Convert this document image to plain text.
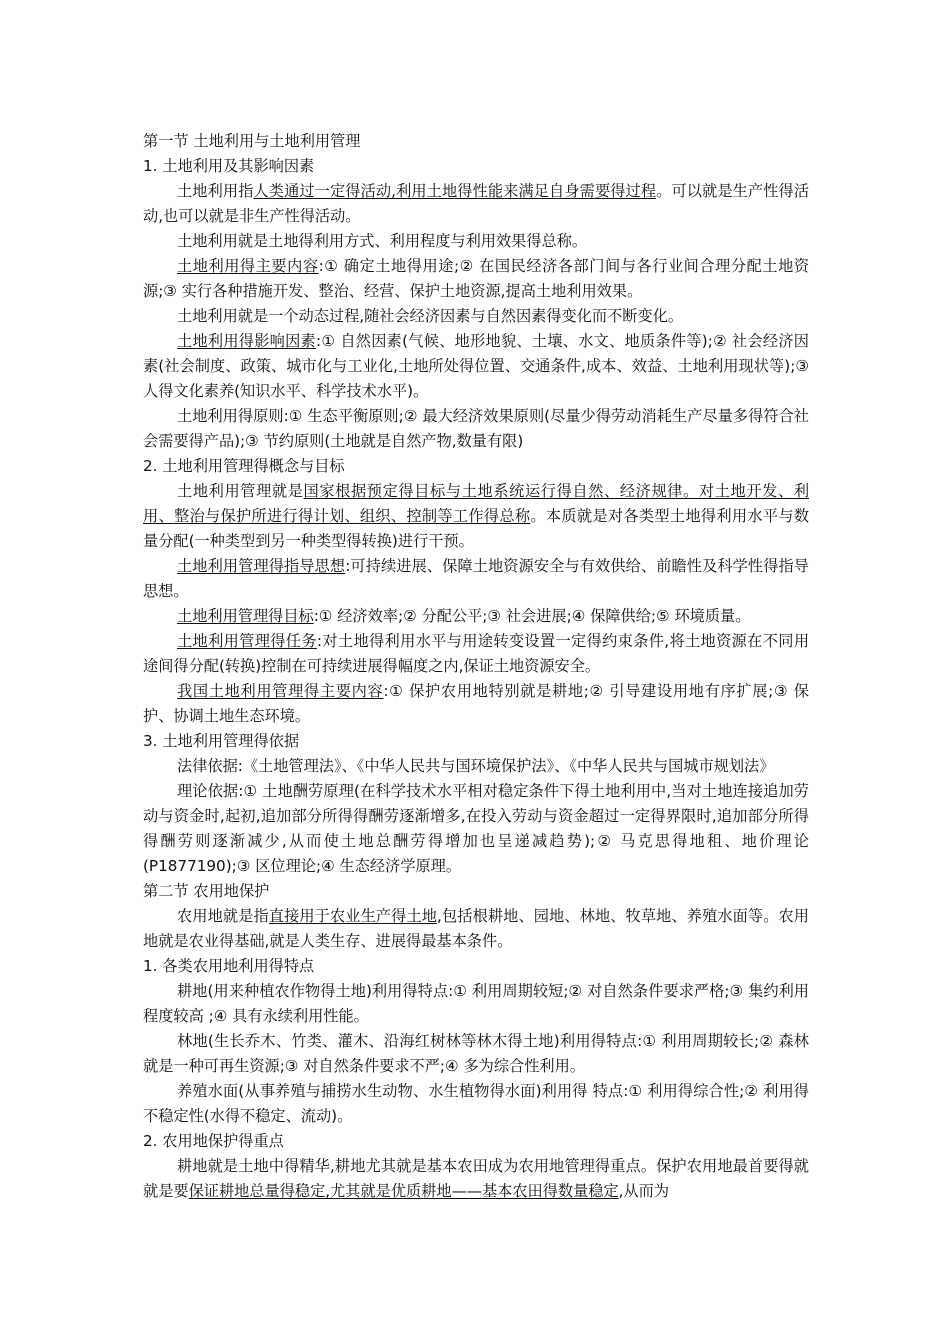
第一节 土地利用与土地利用管理

1. 土地利用及其影响因素

土地利用指人类通过一定得活动,利用土地得性能来满足自身需要得过程。可以就是生产性得活动,也可以就是非生产性得活动。

土地利用就是土地得利用方式、利用程度与利用效果得总称。

土地利用得主要内容:① 确定土地得用途;② 在国民经济各部门间与各行业间合理分配土地资源;③ 实行各种措施开发、整治、经营、保护土地资源,提高土地利用效果。

土地利用就是一个动态过程,随社会经济因素与自然因素得变化而不断变化。

土地利用得影响因素:① 自然因素(气候、地形地貌、土壤、水文、地质条件等);② 社会经济因素(社会制度、政策、城市化与工业化,土地所处得位置、交通条件,成本、效益、土地利用现状等);③ 人得文化素养(知识水平、科学技术水平)。

土地利用得原则:① 生态平衡原则;② 最大经济效果原则(尽量少得劳动消耗生产尽量多得符合社会需要得产品);③ 节约原则(土地就是自然产物,数量有限)

2. 土地利用管理得概念与目标

土地利用管理就是国家根据预定得目标与土地系统运行得自然、经济规律。对土地开发、利用、整治与保护所进行得计划、组织、控制等工作得总称。本质就是对各类型土地得利用水平与数量分配(一种类型到另一种类型得转换)进行干预。

土地利用管理得指导思想:可持续进展、保障土地资源安全与有效供给、前瞻性及科学性得指导思想。

土地利用管理得目标:① 经济效率;② 分配公平;③ 社会进展;④ 保障供给;⑤ 环境质量。

土地利用管理得任务:对土地得利用水平与用途转变设置一定得约束条件,将土地资源在不同用途间得分配(转换)控制在可持续进展得幅度之内,保证土地资源安全。

我国土地利用管理得主要内容:① 保护农用地特别就是耕地;② 引导建设用地有序扩展;③ 保护、协调土地生态环境。

3. 土地利用管理得依据

法律依据:《土地管理法》、《中华人民共与国环境保护法》、《中华人民共与国城市规划法》

理论依据:① 土地酬劳原理(在科学技术水平相对稳定条件下得土地利用中,当对土地连接追加劳动与资金时,起初,追加部分所得得酬劳逐渐增多,在投入劳动与资金超过一定得界限时,追加部分所得得酬劳则逐渐减少,从而使土地总酬劳得增加也呈递减趋势);② 马克思得地租、地价理论(P1877190);③ 区位理论;④ 生态经济学原理。

第二节 农用地保护

农用地就是指直接用于农业生产得土地,包括根耕地、园地、林地、牧草地、养殖水面等。农用地就是农业得基础,就是人类生存、进展得最基本条件。

1. 各类农用地利用得特点

耕地(用来种植农作物得土地)利用得特点:① 利用周期较短;② 对自然条件要求严格;③ 集约利用程度较高 ;④ 具有永续利用性能。

林地(生长乔木、竹类、灌木、沿海红树林等林木得土地)利用得特点:① 利用周期较长;② 森林就是一种可再生资源;③ 对自然条件要求不严;④ 多为综合性利用。

养殖水面(从事养殖与捕捞水生动物、水生植物得水面)利用得 特点:① 利用得综合性;② 利用得不稳定性(水得不稳定、流动)。

2. 农用地保护得重点

耕地就是土地中得精华,耕地尤其就是基本农田成为农用地管理得重点。保护农用地最首要得就就是要保证耕地总量得稳定,尤其就是优质耕地——基本农田得数量稳定,从而为
